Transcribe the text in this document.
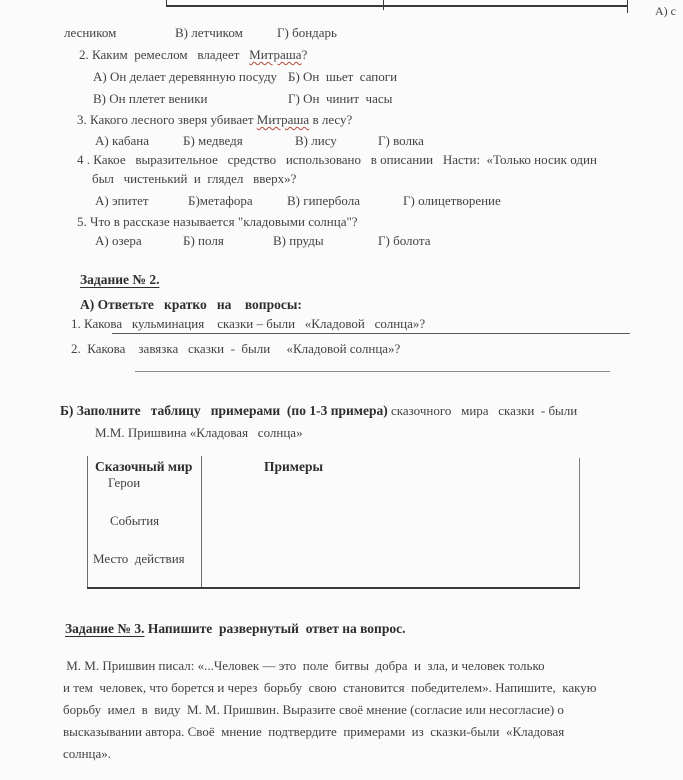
А) с
лесником	В) летчиком	Г) бондарь
2. Каким  ремеслом   владеет   Митраша?
А) Он делает деревянную посуду Б) Он  шьет  сапоги
В) Он плетет веники	Г) Он  чинит  часы
3. Какого лесного зверя убивает Митраша в лесу?
А) кабана	Б) медведя	В) лису	Г) волка
4 . Какое   выразительное   средство   использовано   в описании   Насти:  «Только носик один
был   чистенький  и  глядел   вверх»?
А) эпитет	Б)метафора	В) гипербола	Г) олицетворение
5. Что в рассказе называется "кладовыми солнца"?
А) озера	Б) поля	В) пруды	Г) болота
Задание № 2.
А) Ответьте   кратко   на    вопросы:
1. Какова   кульминация    сказки – были   «Кладовой   солнца»?
2.  Какова    завязка   сказки  -  были     «Кладовой солнца»?
Б) Заполните   таблицу   примерами  (по 1-3 примера) сказочного   мира   сказки  - были
М.М. Пришвина «Кладовая   солнца»
Сказочный мир	Примеры
Герои
События
Место  действия
Задание № 3. Напишите  развернутый  ответ на вопрос.
М. М. Пришвин писал: «...Человек — это  поле  битвы  добра  и  зла, и человек только
и тем  человек, что борется и через  борьбу  свою  становится  победителем». Напишите,  какую
борьбу  имел  в  виду  М. М. Пришвин. Выразите своё мнение (согласие или несогласие) о
высказывании автора. Своё  мнение  подтвердите  примерами  из  сказки-были  «Кладовая
солнца».
